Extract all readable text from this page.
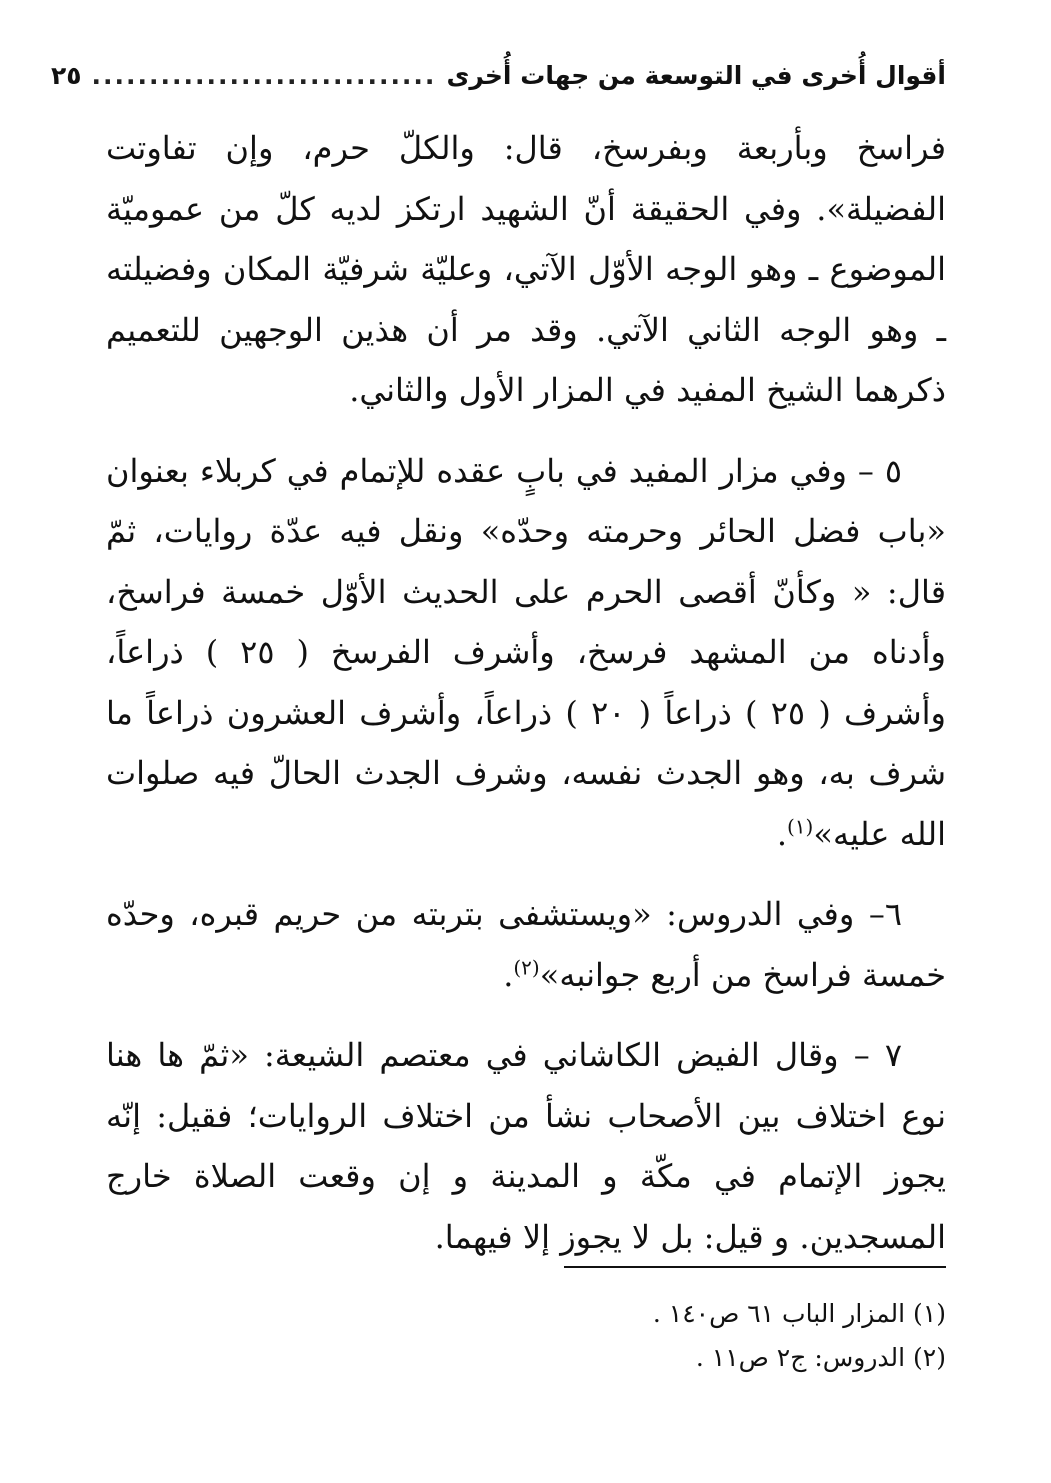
أقوال أُخرى في التوسعة من جهات أُخرى
..............................
٢٥

فراسخ وبأربعة وبفرسخ، قال: والكلّ حرم، وإن تفاوتت الفضيلة». وفي الحقيقة أنّ الشهيد ارتكز لديه كلّ من عموميّة الموضوع ـ وهو الوجه الأوّل الآتي، وعليّة شرفيّة المكان وفضيلته ـ وهو الوجه الثاني الآتي. وقد مر أن هذين الوجهين للتعميم ذكرهما الشيخ المفيد في المزار الأول والثاني.

٥ – وفي مزار المفيد في بابٍ عقده للإتمام في كربلاء بعنوان «باب فضل الحائر وحرمته وحدّه» ونقل فيه عدّة روايات، ثمّ قال: « وكأنّ أقصى الحرم على الحديث الأوّل خمسة فراسخ، وأدناه من المشهد فرسخ، وأشرف الفرسخ ( ٢٥ ) ذراعاً، وأشرف ( ٢٥ ) ذراعاً ( ٢٠ ) ذراعاً، وأشرف العشرون ذراعاً ما شرف به، وهو الجدث نفسه، وشرف الجدث الحالّ فيه صلوات الله عليه»$^{(١)}$.

٦– وفي الدروس: «ويستشفى بتربته من حريم قبره، وحدّه خمسة فراسخ من أربع جوانبه»$^{(٢)}$.

٧ – وقال الفيض الكاشاني في معتصم الشيعة: «ثمّ ها هنا نوع اختلاف بين الأصحاب نشأ من اختلاف الروايات؛ فقيل: إنّه يجوز الإتمام في مكّة و المدينة و إن وقعت الصلاة خارج المسجدين. و قيل: بل لا يجوز إلا فيهما.

(١) المزار الباب ٦١ ص١٤٠ .
(٢) الدروس: ج٢ ص١١ .
